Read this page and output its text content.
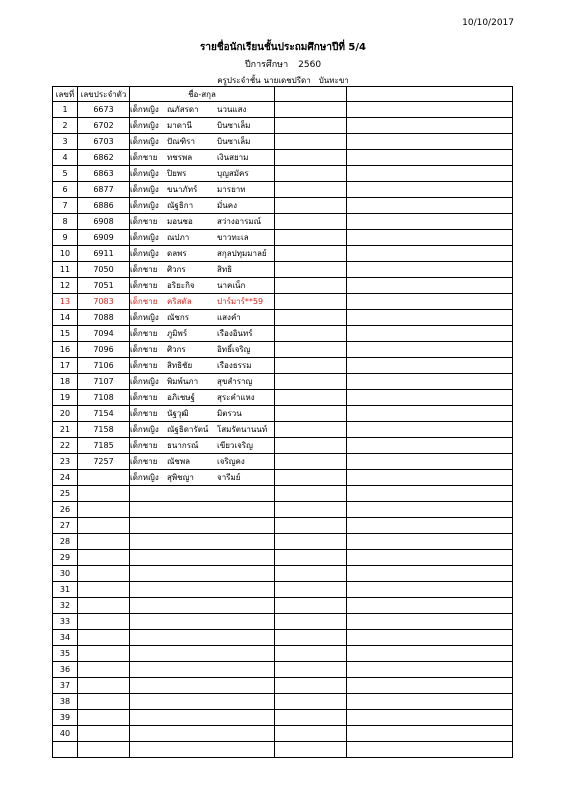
10/10/2017
รายชื่อนักเรียนชั้นประถมศึกษาปีที่ 5/4
ปีการศึกษา 2560
ครูประจำชั้น นายเดชปรีดา บันทะขา
เลขที่	เลขประจำตัว	ชื่อ-สกุล		
1	6673	เด็กหญิง ณภัสรดา นวนแสง		
2	6702	เด็กหญิง มาดานี บินซาเล็ม		
3	6703	เด็กหญิง ปัณฑิรา บินซาเล็ม		
4	6862	เด็กชาย ทชรพล เงินสยาม		
5	6863	เด็กหญิง ปิยพร บุญสมัคร		
6	6877	เด็กหญิง ขนาภัทร์ มารยาท		
7	6886	เด็กหญิง ณัฐธิกา มั่นคง		
8	6908	เด็กชาย มอนชอ สว่างอารมณ์		
9	6909	เด็กหญิง ณปภา ขาวทะเล		
10	6911	เด็กหญิง ดลพร สกุลปทุมมาลย์		
11	7050	เด็กชาย ศิวกร สิทธิ		
12	7051	เด็กชาย อริยะกิจ นาคเน็ก		
13	7083	เด็กชาย คริสตัล ปาร์มาร์**59		
14	7088	เด็กหญิง ณัชกร แสงคำ		
15	7094	เด็กชาย ภูมิพร์ เรืองอินทร์		
16	7096	เด็กชาย ศิวกร อิทธิ์เจริญ		
17	7106	เด็กชาย สิทธิชัย เรืองธรรม		
18	7107	เด็กหญิง พิมพ์นภา สุขสำราญ		
19	7108	เด็กชาย อภิเชษฐ์ สุระคำแหง		
20	7154	เด็กชาย นัฐวุฒิ มิตรวน		
21	7158	เด็กหญิง ณัฐธิดารัตน์ โสมรัตนานนท์		
22	7185	เด็กชาย ธนากรณ์ เขียวเจริญ		
23	7257	เด็กชาย ณัชพล เจริญคง		
24		เด็กหญิง สุพิชญา จารีมย์		
25				
26				
27				
28				
29				
30				
31				
32				
33				
34				
35				
36				
37				
38				
39				
40				
